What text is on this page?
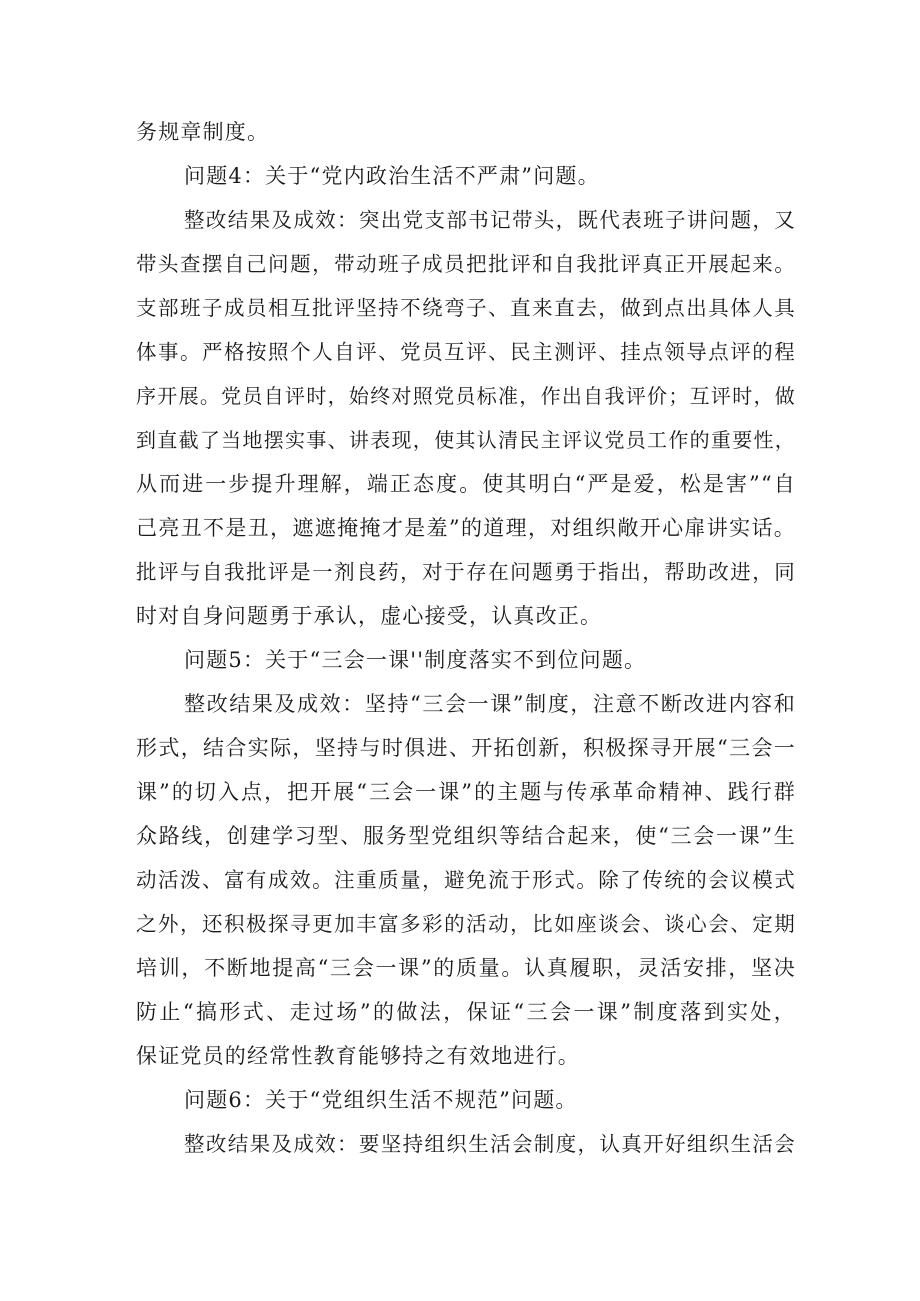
务规章制度。
问题4：关于“党内政治生活不严肃”问题。
整改结果及成效：突出党支部书记带头，既代表班子讲问题，又
带头查摆自己问题，带动班子成员把批评和自我批评真正开展起来。
支部班子成员相互批评坚持不绕弯子、直来直去，做到点出具体人具
体事。严格按照个人自评、党员互评、民主测评、挂点领导点评的程
序开展。党员自评时，始终对照党员标准，作出自我评价；互评时，做
到直截了当地摆实事、讲表现，使其认清民主评议党员工作的重要性，
从而进一步提升理解，端正态度。使其明白“严是爱，松是害”“自
己亮丑不是丑，遮遮掩掩才是羞”的道理，对组织敞开心扉讲实话。
批评与自我批评是一剂良药，对于存在问题勇于指出，帮助改进，同
时对自身问题勇于承认，虚心接受，认真改正。
问题5：关于“三会一课''制度落实不到位问题。
整改结果及成效：坚持“三会一课”制度，注意不断改进内容和
形式，结合实际，坚持与时俱进、开拓创新，积极探寻开展“三会一
课”的切入点，把开展“三会一课”的主题与传承革命精神、践行群
众路线，创建学习型、服务型党组织等结合起来，使“三会一课”生
动活泼、富有成效。注重质量，避免流于形式。除了传统的会议模式
之外，还积极探寻更加丰富多彩的活动，比如座谈会、谈心会、定期
培训，不断地提高“三会一课”的质量。认真履职，灵活安排，坚决
防止“搞形式、走过场”的做法，保证“三会一课”制度落到实处，
保证党员的经常性教育能够持之有效地进行。
问题6：关于“党组织生活不规范”问题。
整改结果及成效：要坚持组织生活会制度，认真开好组织生活会
